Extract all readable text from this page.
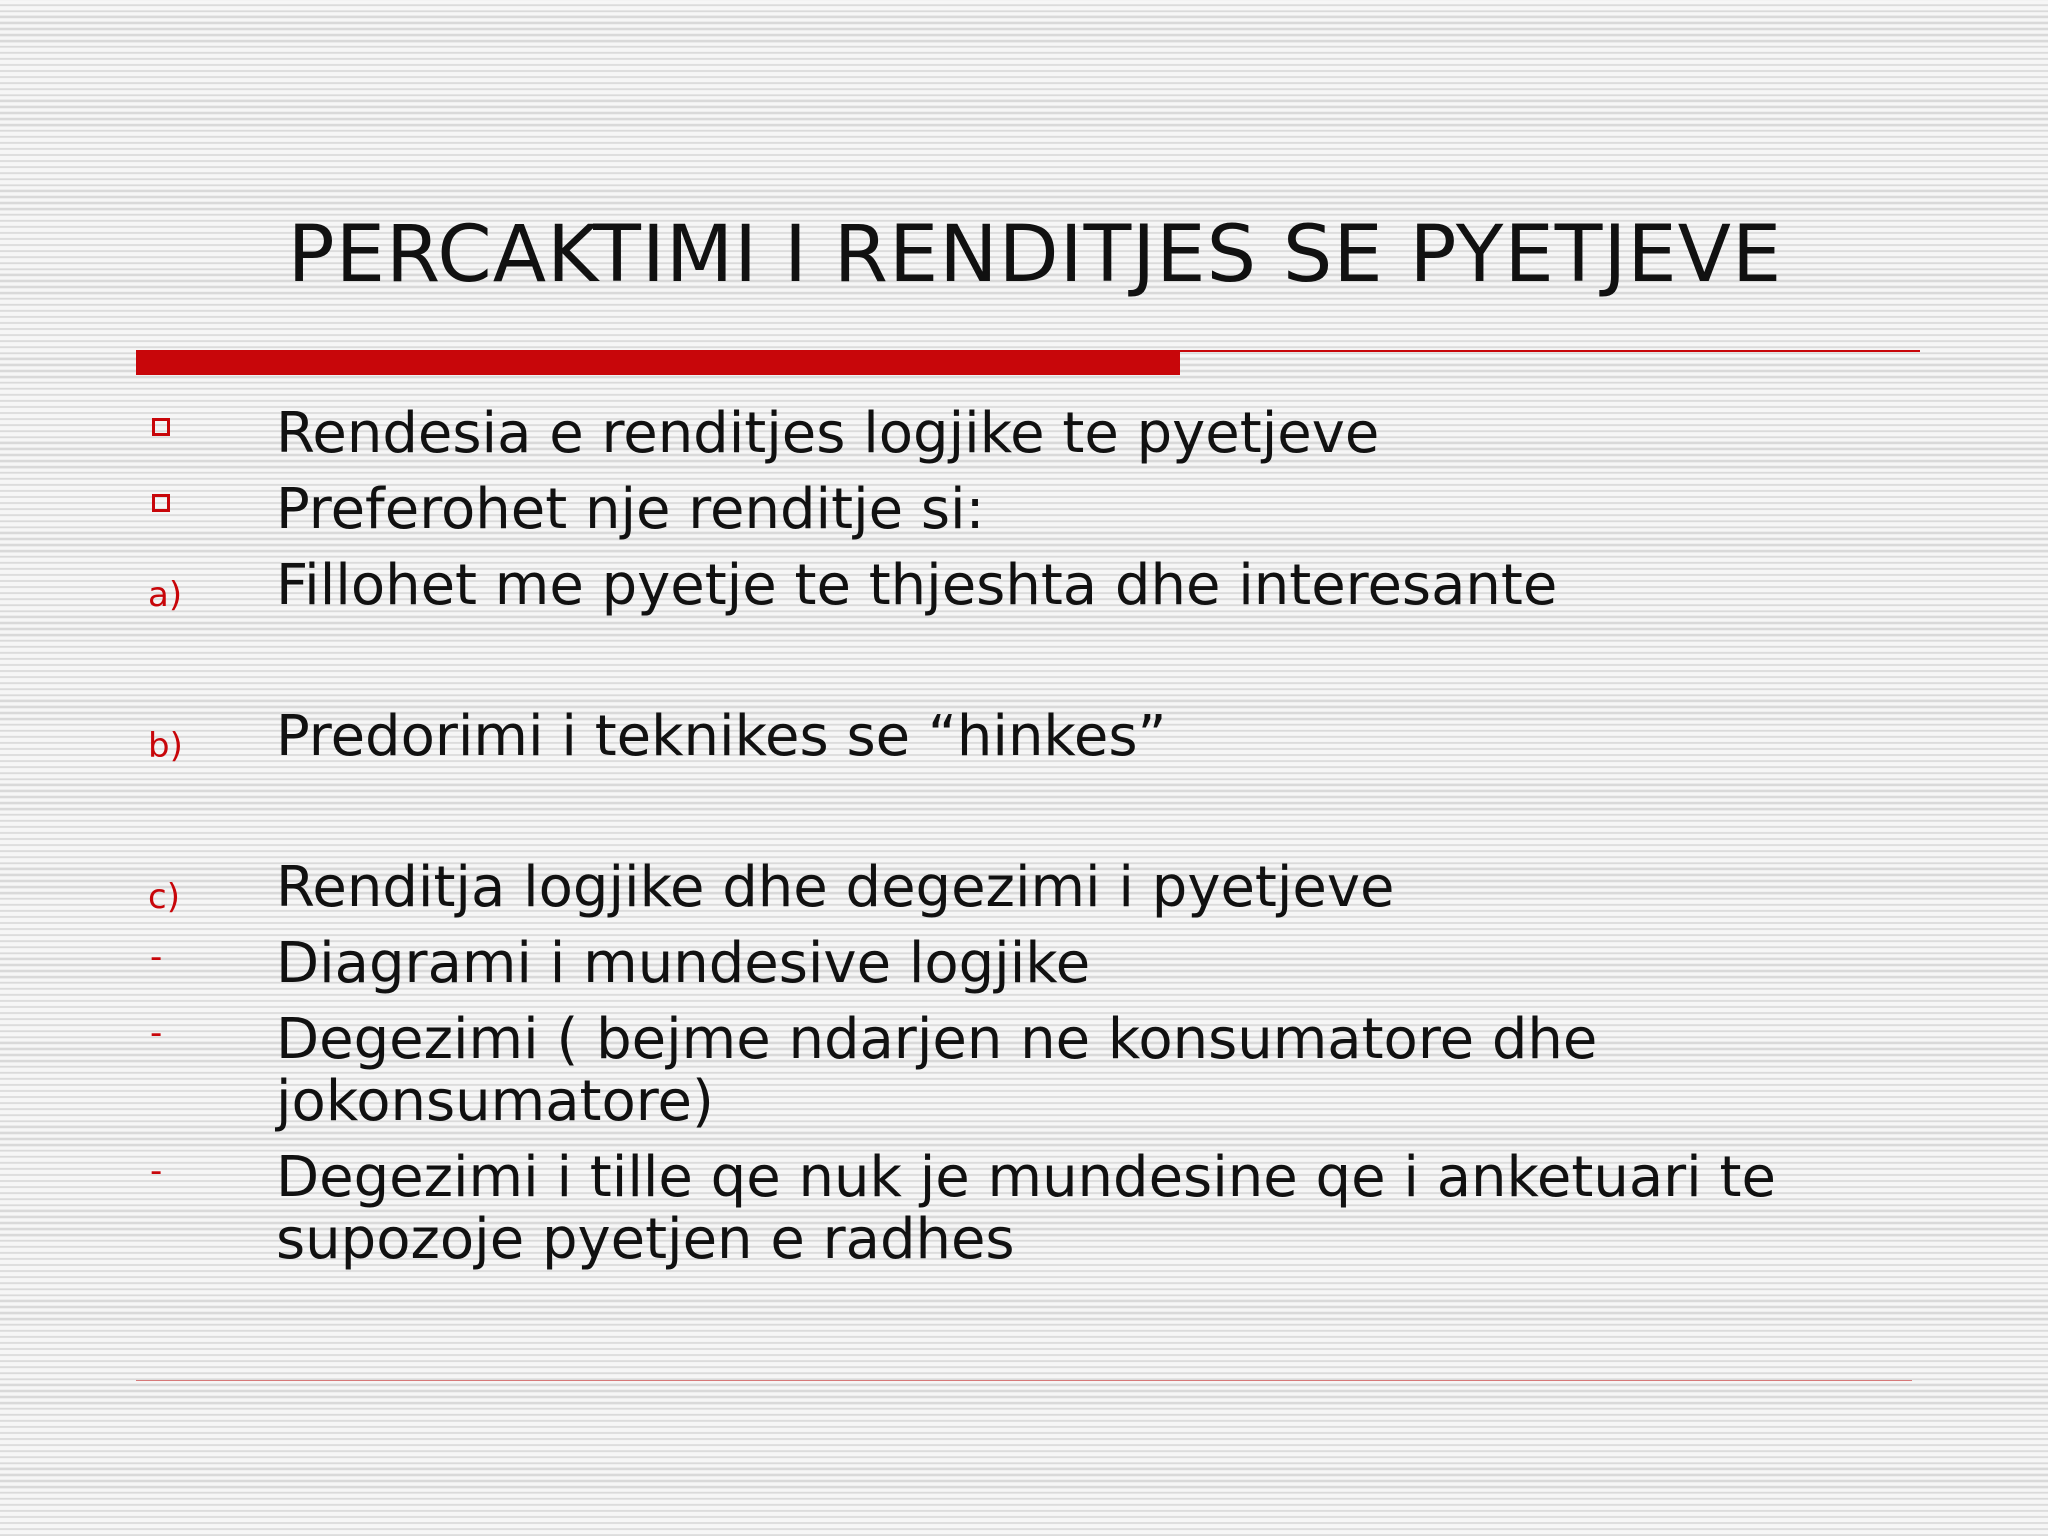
PERCAKTIMI I RENDITJES SE PYETJEVE
Rendesia e renditjes logjike te pyetjeve
Preferohet nje renditje si:
a) Fillohet me pyetje te thjeshta dhe interesante
b) Predorimi i teknikes se “hinkes”
c) Renditja logjike dhe degezimi i pyetjeve
- Diagrami i mundesive logjike
- Degezimi ( bejme ndarjen ne konsumatore dhe jokonsumatore)
- Degezimi i tille qe nuk je mundesine qe i anketuari te supozoje pyetjen e radhes
